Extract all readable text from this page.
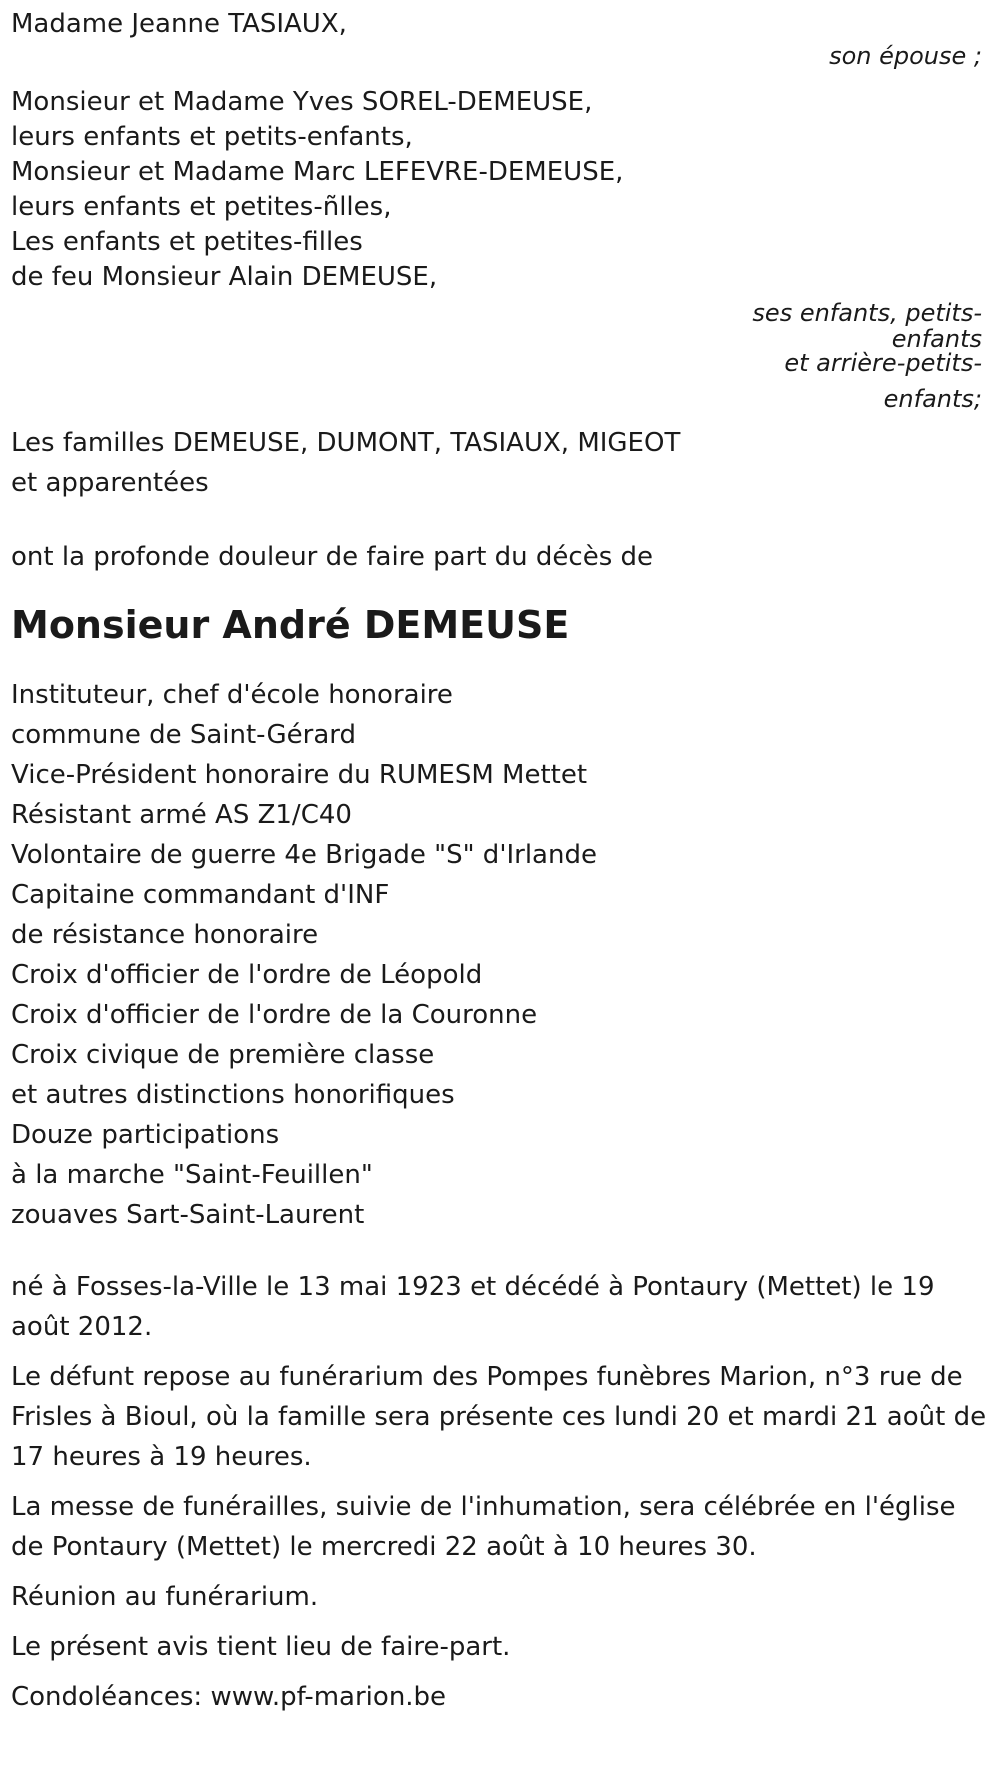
Madame Jeanne TASIAUX,
son épouse ;
Monsieur et Madame Yves SOREL-DEMEUSE,
leurs enfants et petits-enfants,
Monsieur et Madame Marc LEFEVRE-DEMEUSE,
leurs enfants et petites-ñlles,
Les enfants et petites-filles
de feu Monsieur Alain DEMEUSE,
ses enfants, petits-
enfants
et arrière-petits-
enfants;
Les familles DEMEUSE, DUMONT, TASIAUX, MIGEOT
et apparentées
ont la profonde douleur de faire part du décès de
Monsieur André DEMEUSE
Instituteur, chef d'école honoraire
commune de Saint-Gérard
Vice-Président honoraire du RUMESM Mettet
Résistant armé AS Z1/C40
Volontaire de guerre 4e Brigade "S" d'Irlande
Capitaine commandant d'INF
de résistance honoraire
Croix d'officier de l'ordre de Léopold
Croix d'officier de l'ordre de la Couronne
Croix civique de première classe
et autres distinctions honorifiques
Douze participations
à la marche "Saint-Feuillen"
zouaves Sart-Saint-Laurent

né à Fosses-la-Ville le 13 mai 1923 et décédé à Pontaury (Mettet) le 19 août 2012.

Le défunt repose au funérarium des Pompes funèbres Marion, n°3 rue de Frisles à Bioul, où la famille sera présente ces lundi 20 et mardi 21 août de 17 heures à 19 heures.

La messe de funérailles, suivie de l'inhumation, sera célébrée en l'église de Pontaury (Mettet) le mercredi 22 août à 10 heures 30.

Réunion au funérarium.

Le présent avis tient lieu de faire-part.

Condoléances: www.pf-marion.be
